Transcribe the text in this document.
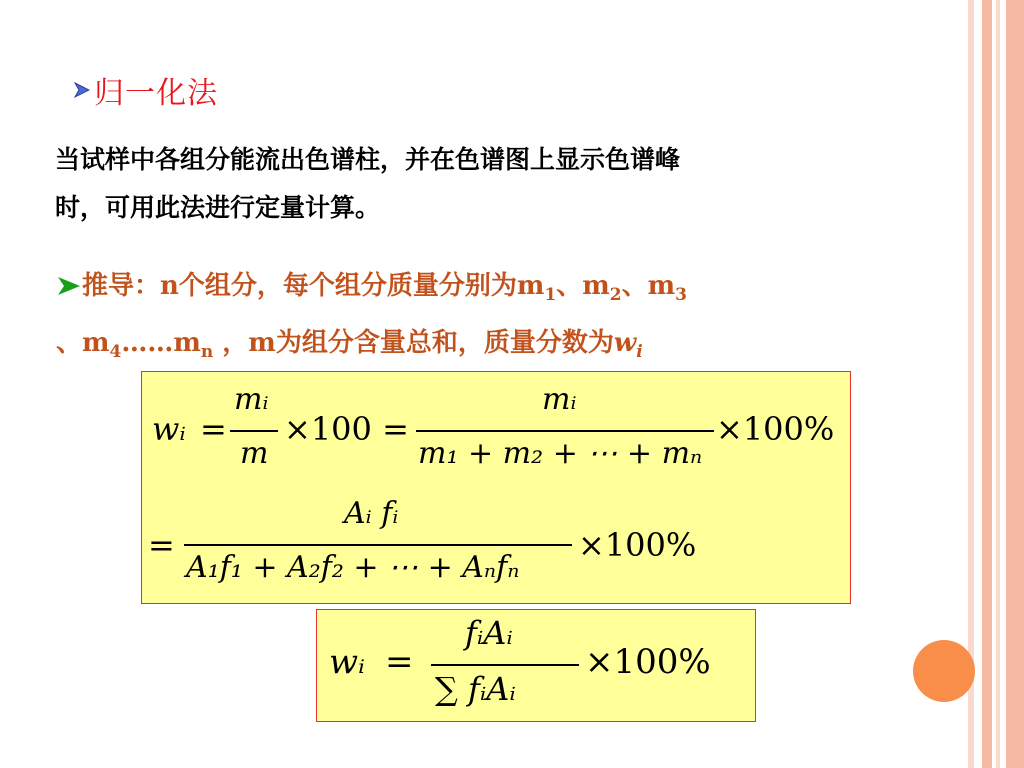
归一化法
当试样中各组分能流出色谱柱，并在色谱图上显示色谱峰
时，可用此法进行定量计算。
推导：n个组分，每个组分质量分别为$m_1$、$m_2$、$m_3$
、$m_4\dots\dots m_n$ ，m为组分含量总和，质量分数为$w_i$
wᵢ =
mᵢ
m
×100 =
mᵢ
m₁ + m₂ + ⋯ + mₙ
×100%
=
Aᵢ fᵢ
A₁f₁ + A₂f₂ + ⋯ + Aₙfₙ
×100%
wᵢ =
fᵢAᵢ
∑ fᵢAᵢ
×100%
